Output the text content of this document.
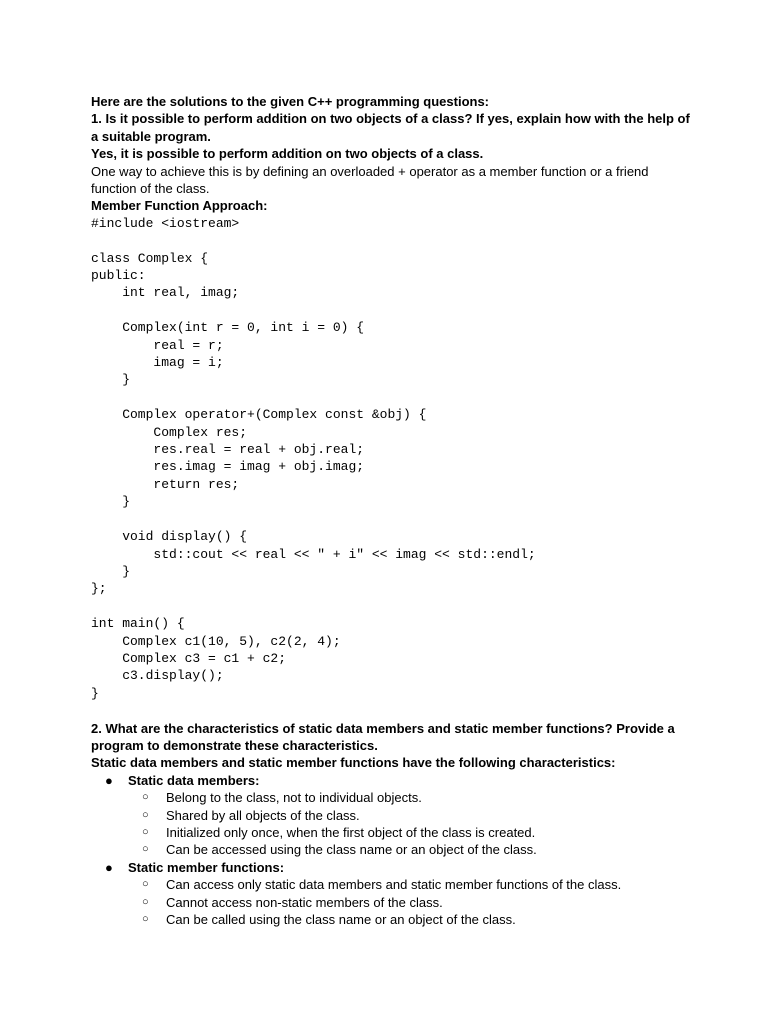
Here are the solutions to the given C++ programming questions:
1. Is it possible to perform addition on two objects of a class? If yes, explain how with the help of a suitable program.
Yes, it is possible to perform addition on two objects of a class.
One way to achieve this is by defining an overloaded + operator as a member function or a friend function of the class.
Member Function Approach:
#include <iostream>

class Complex {
public:
int real, imag;

Complex(int r = 0, int i = 0) {
real = r;
imag = i;
}

Complex operator+(Complex const &obj) {
Complex res;
res.real = real + obj.real;
res.imag = imag + obj.imag;
return res;
}

void display() {
std::cout << real << " + i" << imag << std::endl;
}
};

int main() {
Complex c1(10, 5), c2(2, 4);
Complex c3 = c1 + c2;
c3.display();
}
2. What are the characteristics of static data members and static member functions? Provide a program to demonstrate these characteristics.
Static data members and static member functions have the following characteristics:
● Static data members:
○ Belong to the class, not to individual objects.
○ Shared by all objects of the class.
○ Initialized only once, when the first object of the class is created.
○ Can be accessed using the class name or an object of the class.
● Static member functions:
○ Can access only static data members and static member functions of the class.
○ Cannot access non-static members of the class.
○ Can be called using the class name or an object of the class.
